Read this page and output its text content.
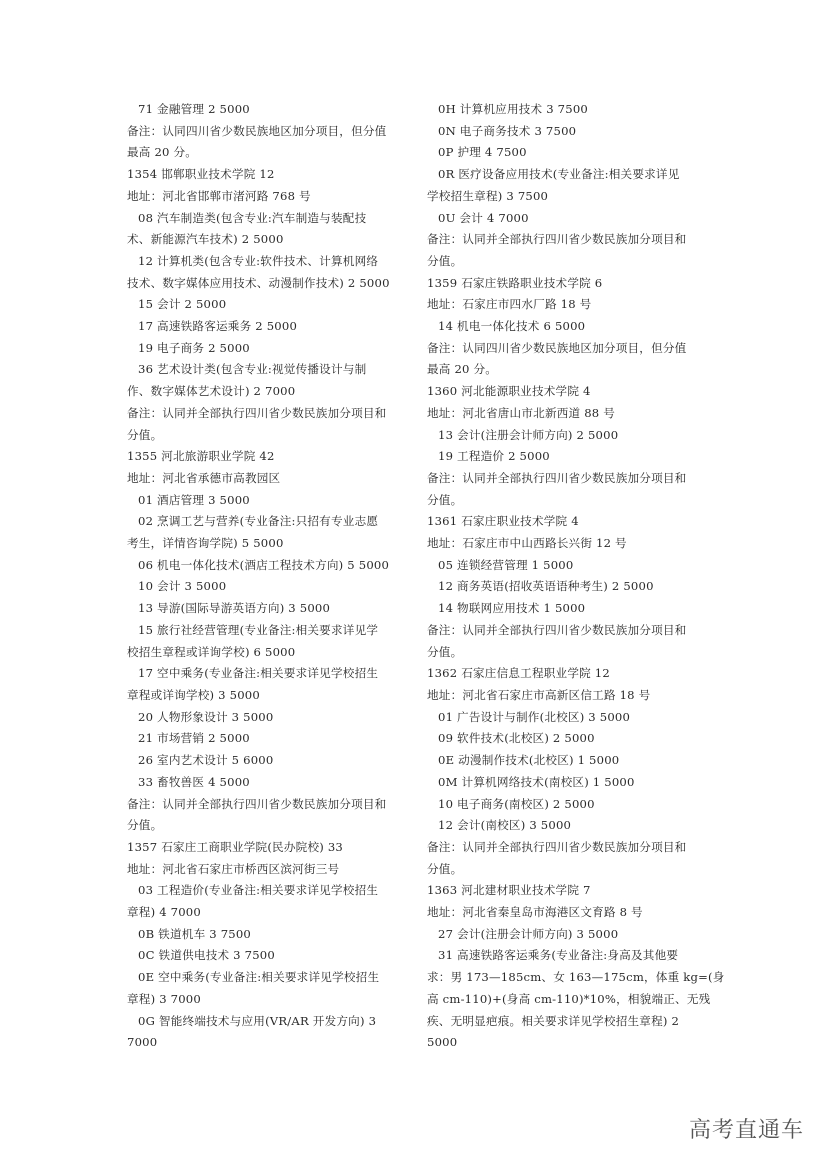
71 金融管理 2 5000
备注：认同四川省少数民族地区加分项目，但分值
最高 20 分。
1354 邯郸职业技术学院 12
地址：河北省邯郸市渚河路 768 号
08 汽车制造类(包含专业:汽车制造与装配技
术、新能源汽车技术) 2 5000
12 计算机类(包含专业:软件技术、计算机网络
技术、数字媒体应用技术、动漫制作技术) 2 5000
15 会计 2 5000
17 高速铁路客运乘务 2 5000
19 电子商务 2 5000
36 艺术设计类(包含专业:视觉传播设计与制
作、数字媒体艺术设计) 2 7000
备注：认同并全部执行四川省少数民族加分项目和
分值。
1355 河北旅游职业学院 42
地址：河北省承德市高教园区
01 酒店管理 3 5000
02 烹调工艺与营养(专业备注:只招有专业志愿
考生，详情咨询学院) 5 5000
06 机电一体化技术(酒店工程技术方向) 5 5000
10 会计 3 5000
13 导游(国际导游英语方向) 3 5000
15 旅行社经营管理(专业备注:相关要求详见学
校招生章程或详询学校) 6 5000
17 空中乘务(专业备注:相关要求详见学校招生
章程或详询学校) 3 5000
20 人物形象设计 3 5000
21 市场营销 2 5000
26 室内艺术设计 5 6000
33 畜牧兽医 4 5000
备注：认同并全部执行四川省少数民族加分项目和
分值。
1357 石家庄工商职业学院(民办院校) 33
地址：河北省石家庄市桥西区滨河街三号
03 工程造价(专业备注:相关要求详见学校招生
章程) 4 7000
0B 铁道机车 3 7500
0C 铁道供电技术 3 7500
0E 空中乘务(专业备注:相关要求详见学校招生
章程) 3 7000
0G 智能终端技术与应用(VR/AR 开发方向) 3
7000
0H 计算机应用技术 3 7500
0N 电子商务技术 3 7500
0P 护理 4 7500
0R 医疗设备应用技术(专业备注:相关要求详见
学校招生章程) 3 7500
0U 会计 4 7000
备注：认同并全部执行四川省少数民族加分项目和
分值。
1359 石家庄铁路职业技术学院 6
地址：石家庄市四水厂路 18 号
14 机电一体化技术 6 5000
备注：认同四川省少数民族地区加分项目，但分值
最高 20 分。
1360 河北能源职业技术学院 4
地址：河北省唐山市北新西道 88 号
13 会计(注册会计师方向) 2 5000
19 工程造价 2 5000
备注：认同并全部执行四川省少数民族加分项目和
分值。
1361 石家庄职业技术学院 4
地址：石家庄市中山西路长兴街 12 号
05 连锁经营管理 1 5000
12 商务英语(招收英语语种考生) 2 5000
14 物联网应用技术 1 5000
备注：认同并全部执行四川省少数民族加分项目和
分值。
1362 石家庄信息工程职业学院 12
地址：河北省石家庄市高新区信工路 18 号
01 广告设计与制作(北校区) 3 5000
09 软件技术(北校区) 2 5000
0E 动漫制作技术(北校区) 1 5000
0M 计算机网络技术(南校区) 1 5000
10 电子商务(南校区) 2 5000
12 会计(南校区) 3 5000
备注：认同并全部执行四川省少数民族加分项目和
分值。
1363 河北建材职业技术学院 7
地址：河北省秦皇岛市海港区文育路 8 号
27 会计(注册会计师方向) 3 5000
31 高速铁路客运乘务(专业备注:身高及其他要
求：男 173—185cm、女 163—175cm，体重 kg=(身
高 cm-110)+(身高 cm-110)*10%，相貌端正、无残
疾、无明显疤痕。相关要求详见学校招生章程) 2
5000
高考直通车
